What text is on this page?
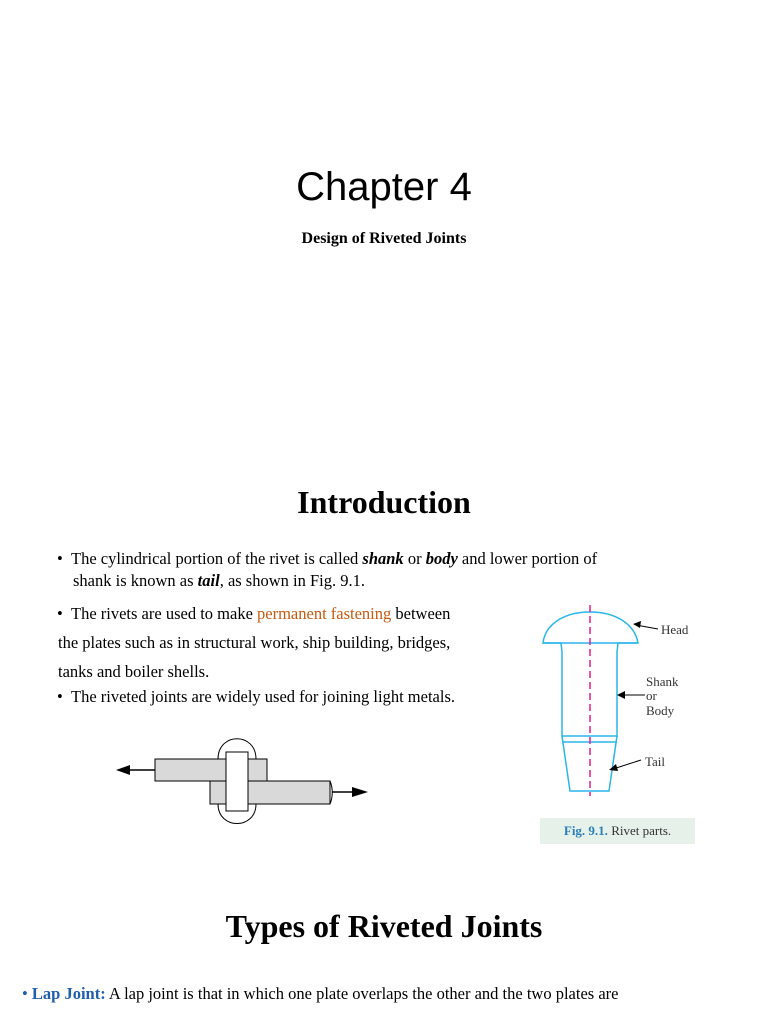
Chapter 4
Design of Riveted Joints
Introduction
• The cylindrical portion of the rivet is called shank or body and lower portion of
shank is known as tail, as shown in Fig. 9.1.
• The rivets are used to make permanent fastening between
the plates such as in structural work, ship building, bridges,
tanks and boiler shells.
• The riveted joints are widely used for joining light metals.
Head
Shank
or
Body
Tail
Fig. 9.1. Rivet parts.
Types of Riveted Joints
• Lap Joint: A lap joint is that in which one plate overlaps the other and the two plates are
